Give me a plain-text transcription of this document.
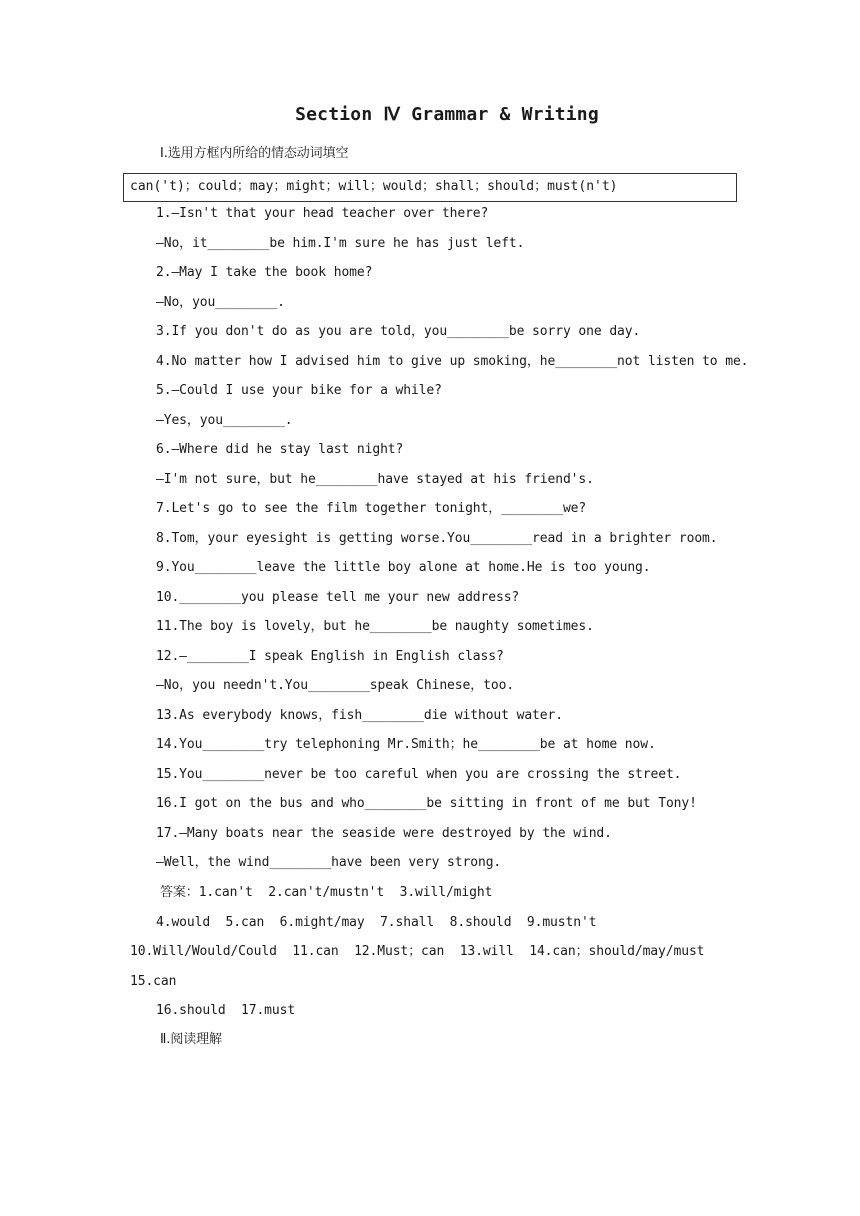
Section Ⅳ Grammar & Writing
Ⅰ.选用方框内所给的情态动词填空
can('t)；could；may；might；will；would；shall；should；must(n't)
1.—Isn't that your head teacher over there?
—No，it________be him.I'm sure he has just left.
2.—May I take the book home?
—No，you________.
3.If you don't do as you are told，you________be sorry one day.
4.No matter how I advised him to give up smoking，he________not listen to me.
5.—Could I use your bike for a while?
—Yes，you________.
6.—Where did he stay last night?
—I'm not sure，but he________have stayed at his friend's.
7.Let's go to see the film together tonight，________we?
8.Tom，your eyesight is getting worse.You________read in a brighter room.
9.You________leave the little boy alone at home.He is too young.
10.________you please tell me your new address?
11.The boy is lovely，but he________be naughty sometimes.
12.—________I speak English in English class?
—No，you needn't.You________speak Chinese，too.
13.As everybody knows，fish________die without water.
14.You________try telephoning Mr.Smith；he________be at home now.
15.You________never be too careful when you are crossing the street.
16.I got on the bus and who________be sitting in front of me but Tony!
17.—Many boats near the seaside were destroyed by the wind.
—Well，the wind________have been very strong.
答案：1.can't  2.can't/mustn't  3.will/might
4.would  5.can  6.might/may  7.shall  8.should  9.mustn't
10.Will/Would/Could  11.can  12.Must；can  13.will  14.can；should/may/must
15.can
16.should  17.must
Ⅱ.阅读理解
